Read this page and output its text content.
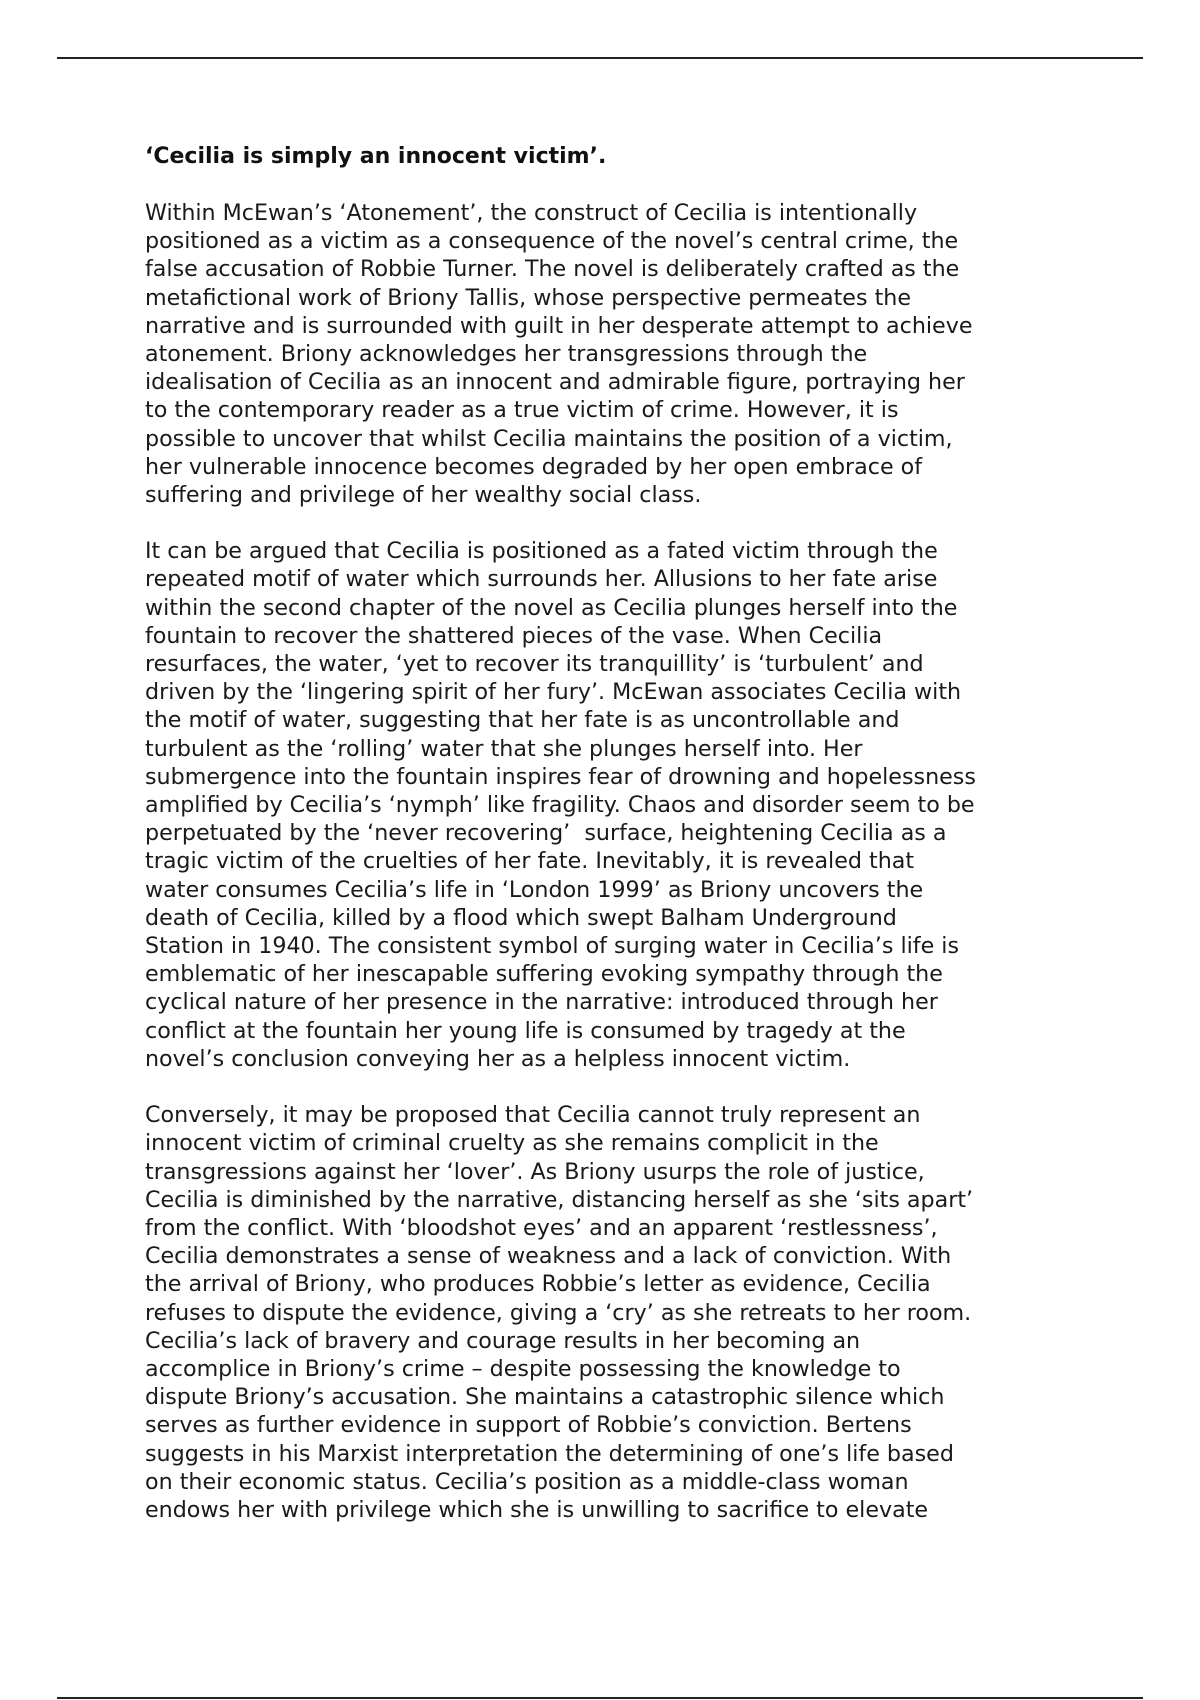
‘Cecilia is simply an innocent victim’.
Within McEwan’s ‘Atonement’, the construct of Cecilia is intentionally
positioned as a victim as a consequence of the novel’s central crime, the
false accusation of Robbie Turner. The novel is deliberately crafted as the
metafictional work of Briony Tallis, whose perspective permeates the
narrative and is surrounded with guilt in her desperate attempt to achieve
atonement. Briony acknowledges her transgressions through the
idealisation of Cecilia as an innocent and admirable figure, portraying her
to the contemporary reader as a true victim of crime. However, it is
possible to uncover that whilst Cecilia maintains the position of a victim,
her vulnerable innocence becomes degraded by her open embrace of
suffering and privilege of her wealthy social class.
It can be argued that Cecilia is positioned as a fated victim through the
repeated motif of water which surrounds her. Allusions to her fate arise
within the second chapter of the novel as Cecilia plunges herself into the
fountain to recover the shattered pieces of the vase. When Cecilia
resurfaces, the water, ‘yet to recover its tranquillity’ is ‘turbulent’ and
driven by the ‘lingering spirit of her fury’. McEwan associates Cecilia with
the motif of water, suggesting that her fate is as uncontrollable and
turbulent as the ‘rolling’ water that she plunges herself into. Her
submergence into the fountain inspires fear of drowning and hopelessness
amplified by Cecilia’s ‘nymph’ like fragility. Chaos and disorder seem to be
perpetuated by the ‘never recovering’  surface, heightening Cecilia as a
tragic victim of the cruelties of her fate. Inevitably, it is revealed that
water consumes Cecilia’s life in ‘London 1999’ as Briony uncovers the
death of Cecilia, killed by a flood which swept Balham Underground
Station in 1940. The consistent symbol of surging water in Cecilia’s life is
emblematic of her inescapable suffering evoking sympathy through the
cyclical nature of her presence in the narrative: introduced through her
conflict at the fountain her young life is consumed by tragedy at the
novel’s conclusion conveying her as a helpless innocent victim.
Conversely, it may be proposed that Cecilia cannot truly represent an
innocent victim of criminal cruelty as she remains complicit in the
transgressions against her ‘lover’. As Briony usurps the role of justice,
Cecilia is diminished by the narrative, distancing herself as she ‘sits apart’
from the conflict. With ‘bloodshot eyes’ and an apparent ‘restlessness’,
Cecilia demonstrates a sense of weakness and a lack of conviction. With
the arrival of Briony, who produces Robbie’s letter as evidence, Cecilia
refuses to dispute the evidence, giving a ‘cry’ as she retreats to her room.
Cecilia’s lack of bravery and courage results in her becoming an
accomplice in Briony’s crime – despite possessing the knowledge to
dispute Briony’s accusation. She maintains a catastrophic silence which
serves as further evidence in support of Robbie’s conviction. Bertens
suggests in his Marxist interpretation the determining of one’s life based
on their economic status. Cecilia’s position as a middle-class woman
endows her with privilege which she is unwilling to sacrifice to elevate
